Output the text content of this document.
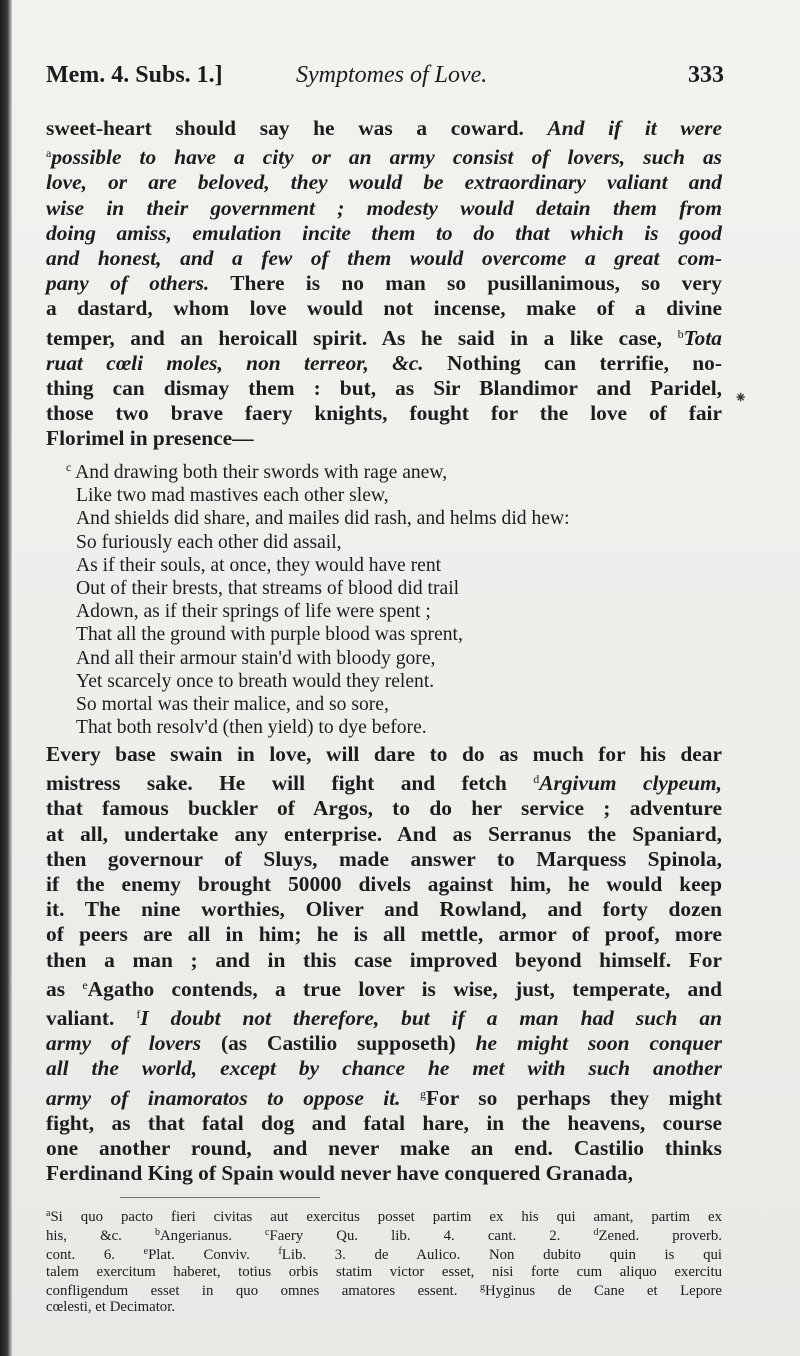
Mem. 4. Subs. 1.]	Symptomes of Love.	333
sweet-heart should say he was a coward. And if it were
$^a$possible to have a city or an army consist of lovers, such as
love, or are beloved, they would be extraordinary valiant and
wise in their government ; modesty would detain them from
doing amiss, emulation incite them to do that which is good
and honest, and a few of them would overcome a great com-
pany of others. There is no man so pusillanimous, so very
a dastard, whom love would not incense, make of a divine
temper, and an heroicall spirit. As he said in a like case, $^b$Tota
ruat cœli moles, non terreor, &c. Nothing can terrifie, no-
thing can dismay them : but, as Sir Blandimor and Paridel,
those two brave faery knights, fought for the love of fair
Florimel in presence—
$^c$ And drawing both their swords with rage anew,
Like two mad mastives each other slew,
And shields did share, and mailes did rash, and helms did hew:
So furiously each other did assail,
As if their souls, at once, they would have rent
Out of their brests, that streams of blood did trail
Adown, as if their springs of life were spent ;
That all the ground with purple blood was sprent,
And all their armour stain'd with bloody gore,
Yet scarcely once to breath would they relent.
So mortal was their malice, and so sore,
That both resolv'd (then yield) to dye before.
Every base swain in love, will dare to do as much for his dear
mistress sake. He will fight and fetch $^d$Argivum clypeum,
that famous buckler of Argos, to do her service ; adventure
at all, undertake any enterprise. And as Serranus the Spaniard,
then governour of Sluys, made answer to Marquess Spinola,
if the enemy brought 50000 divels against him, he would keep
it. The nine worthies, Oliver and Rowland, and forty dozen
of peers are all in him; he is all mettle, armor of proof, more
then a man ; and in this case improved beyond himself. For
as $^e$Agatho contends, a true lover is wise, just, temperate, and
valiant. $^f$I doubt not therefore, but if a man had such an
army of lovers (as Castilio supposeth) he might soon conquer
all the world, except by chance he met with such another
army of inamoratos to oppose it. $^g$For so perhaps they might
fight, as that fatal dog and fatal hare, in the heavens, course
one another round, and never make an end. Castilio thinks
Ferdinand King of Spain would never have conquered Granada,
$^a$Si quo pacto fieri civitas aut exercitus posset partim ex his qui amant, partim ex
his, &c. $^b$Angerianus. $^c$Faery Qu. lib. 4. cant. 2. $^d$Zened. proverb.
cont. 6. $^e$Plat. Conviv. $^f$Lib. 3. de Aulico. Non dubito quin is qui
talem exercitum haberet, totius orbis statim victor esset, nisi forte cum aliquo exercitu
confligendum esset in quo omnes amatores essent. $^g$Hyginus de Cane et Lepore
cœlesti, et Decimator.
⁕
